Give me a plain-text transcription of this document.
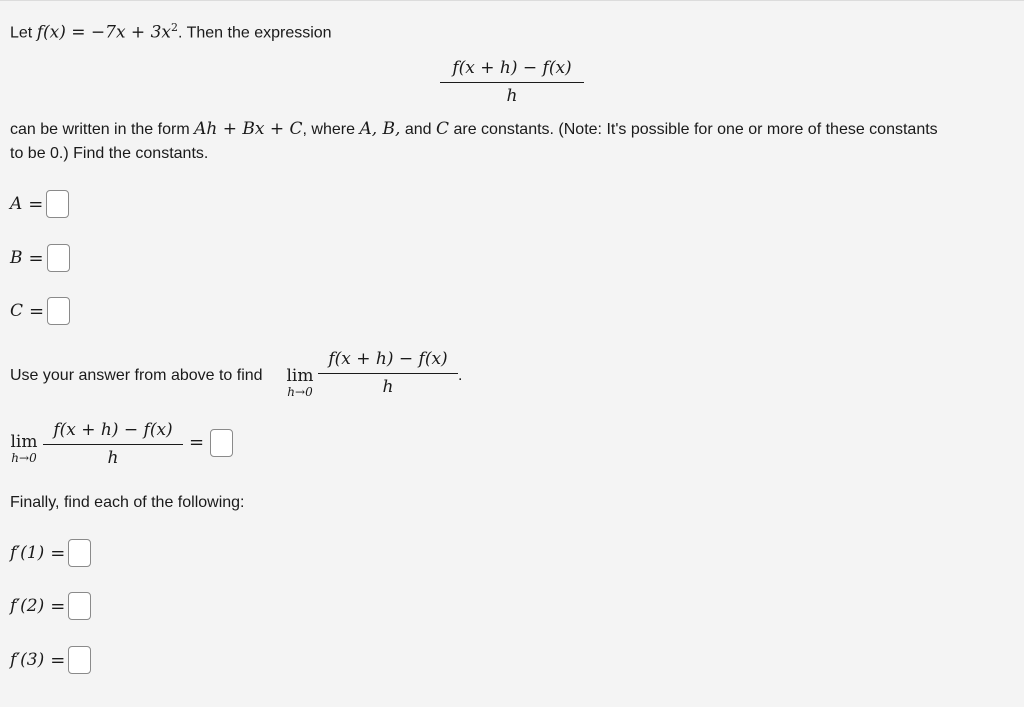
Let $f(x) = -7x + 3x^2$. Then the expression
$\frac{f(x + h) - f(x)}{h}$
can be written in the form Ah + Bx + C, where A, B, and C are constants. (Note: It's possible for one or more of these constants
to be 0.) Find the constants.
A =
B =
C =
Use your answer from above to find lim
$h\to 0 \frac{f(x + h) - f(x)}{h}$ .
lim
$h\to 0 \frac{f(x + h) - f(x)}{h}$ =
Finally, find each of the following:
f′(1) =
f′(2) =
f′(3) =
